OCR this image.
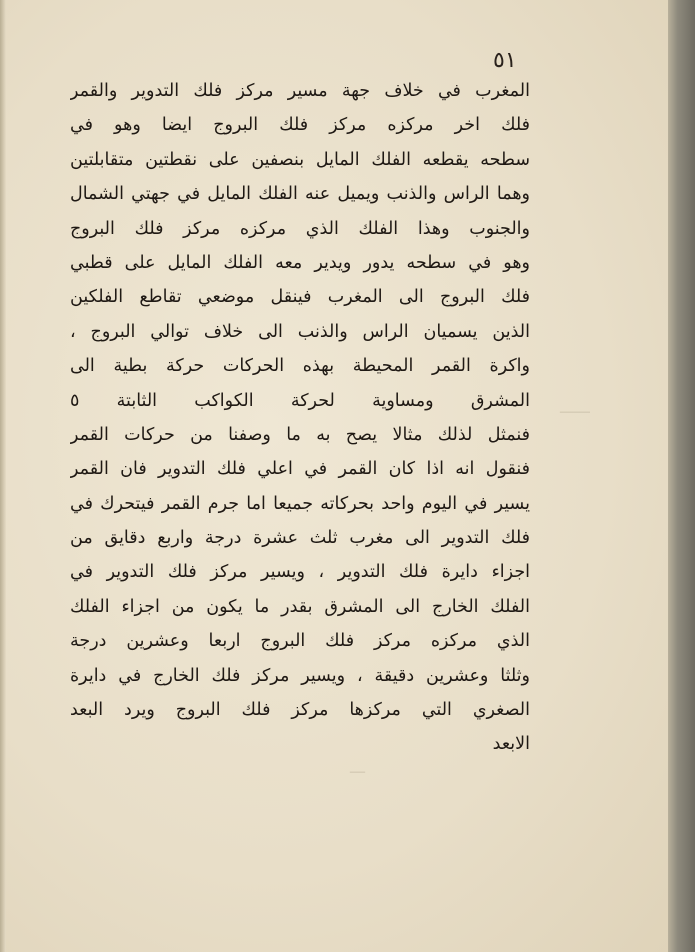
ــــــ
ـــ
٥١
المغرب في خلاف جهة مسير مركز فلك التدوير والقمر
فلك اخر مركزه مركز فلك البروج ايضا وهو في
سطحه يقطعه الفلك المايل بنصفين على نقطتين متقابلتين
وهما الراس والذنب ويميل عنه الفلك المايل في جهتي الشمال
والجنوب وهذا الفلك الذي مركزه مركز فلك البروج
وهو في سطحه يدور ويدير معه الفلك المايل على قطبي
فلك البروج الى المغرب فينقل موضعي تقاطع الفلكين
الذين يسميان الراس والذنب الى خلاف توالي البروج ،
واكرة القمر المحيطة بهذه الحركات حركة بطية الى
المشرق ومساوية لحركة الكواكب الثابتة ٥
فنمثل لذلك مثالا يصح به ما وصفنا من حركات القمر
فنقول انه اذا كان القمر في اعلي فلك التدوير فان القمر
يسير في اليوم واحد بحركاته جميعا اما جرم القمر فيتحرك في
فلك التدوير الى مغرب ثلث عشرة درجة واربع دقايق من
اجزاء دايرة فلك التدوير ، ويسير مركز فلك التدوير في
الفلك الخارج الى المشرق بقدر ما يكون من اجزاء الفلك
الذي مركزه مركز فلك البروج اربعا وعشرين درجة
وثلثا وعشرين دقيقة ، ويسير مركز فلك الخارج في دايرة
الصغري التي مركزها مركز فلك البروج ويرد البعد
الابعد
